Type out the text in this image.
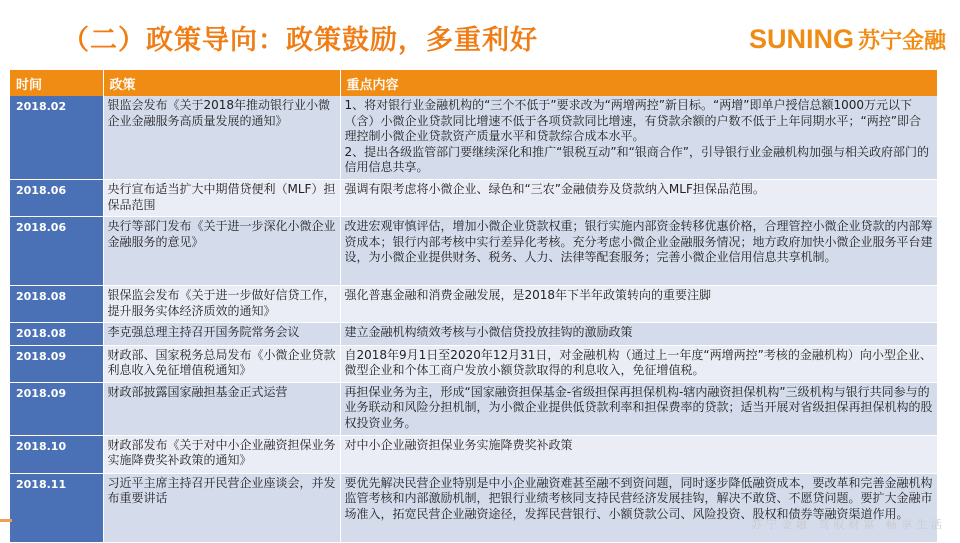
（二）政策导向：政策鼓励，多重利好	SUNING 苏宁金融
时间	政策	重点内容
2018.02	银监会发布《关于2018年推动银行业小微企业金融服务高质量发展的通知》	1、将对银行业金融机构的“三个不低于”要求改为“两增两控”新目标。“两增”即单户授信总额1000万元以下（含）小微企业贷款同比增速不低于各项贷款同比增速，有贷款余额的户数不低于上年同期水平；“两控”即合理控制小微企业贷款资产质量水平和贷款综合成本水平。
2、提出各级监管部门要继续深化和推广“银税互动”和“银商合作”，引导银行业金融机构加强与相关政府部门的信用信息共享。

2018.06	央行宣布适当扩大中期借贷便利（MLF）担保品范围	强调有限考虑将小微企业、绿色和“三农”金融债券及贷款纳入MLF担保品范围。
2018.06	央行等部门发布《关于进一步深化小微企业金融服务的意见》	改进宏观审慎评估，增加小微企业贷款权重；银行实施内部资金转移优惠价格，合理管控小微企业贷款的内部筹资成本；银行内部考核中实行差异化考核。充分考虑小微企业金融服务情况；地方政府加快小微企业服务平台建设，为小微企业提供财务、税务、人力、法律等配套服务；完善小微企业信用信息共享机制。
2018.08	银保监会发布《关于进一步做好信贷工作，提升服务实体经济质效的通知》	强化普惠金融和消费金融发展，是2018年下半年政策转向的重要注脚
2018.08	李克强总理主持召开国务院常务会议	建立金融机构绩效考核与小微信贷投放挂钩的激励政策
2018.09	财政部、国家税务总局发布《小微企业贷款利息收入免征增值税通知》	自2018年9月1日至2020年12月31日，对金融机构（通过上一年度“两增两控”考核的金融机构）向小型企业、微型企业和个体工商户发放小额贷款取得的利息收入，免征增值税。

2018.09	财政部披露国家融担基金正式运营	再担保业务为主，形成“国家融资担保基金-省级担保再担保机构-辖内融资担保机构”三级机构与银行共同参与的业务联动和风险分担机制，为小微企业提供低贷款利率和担保费率的贷款；适当开展对省级担保再担保机构的股权投资业务。
2018.10	财政部发布《关于对中小企业融资担保业务实施降费奖补政策的通知》	对中小企业融资担保业务实施降费奖补政策
2018.11	习近平主席主持召开民营企业座谈会，并发布重要讲话	要优先解决民营企业特别是中小企业融资难甚至融不到资问题，同时逐步降低融资成本，要改革和完善金融机构监管考核和内部激励机制，把银行业绩考核同支持民营经济发展挂钩，解决不敢贷、不愿贷问题。要扩大金融市场准入，拓宽民营企业融资途径，发挥民营银行、小额贷款公司、风险投资、股权和债券等融资渠道作用。
苏宁金融 驾驭财富 畅享生活
